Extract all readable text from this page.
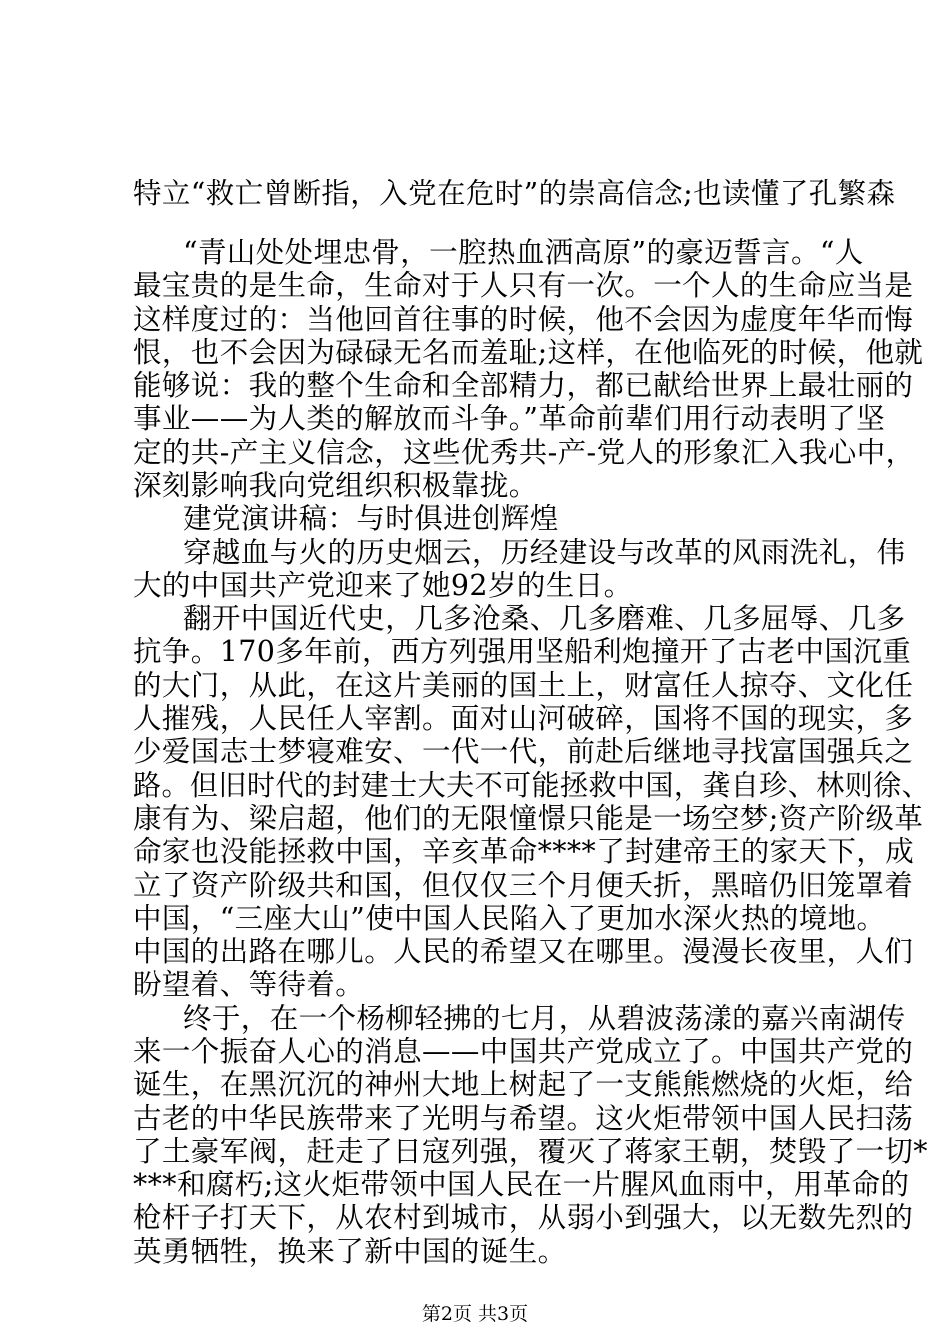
特立“救亡曾断指，入党在危时”的崇高信念;也读懂了孔繁森
“青山处处埋忠骨，一腔热血洒高原”的豪迈誓言。“人
最宝贵的是生命，生命对于人只有一次。一个人的生命应当是
这样度过的：当他回首往事的时候，他不会因为虚度年华而悔
恨，也不会因为碌碌无名而羞耻;这样，在他临死的时候，他就
能够说：我的整个生命和全部精力，都已献给世界上最壮丽的
事业——为人类的解放而斗争。”革命前辈们用行动表明了坚
定的共-产主义信念，这些优秀共-产-党人的形象汇入我心中，
深刻影响我向党组织积极靠拢。
建党演讲稿：与时俱进创辉煌
穿越血与火的历史烟云，历经建设与改革的风雨洗礼，伟
大的中国共产党迎来了她92岁的生日。
翻开中国近代史，几多沧桑、几多磨难、几多屈辱、几多
抗争。170多年前，西方列强用坚船利炮撞开了古老中国沉重
的大门，从此，在这片美丽的国土上，财富任人掠夺、文化任
人摧残，人民任人宰割。面对山河破碎，国将不国的现实，多
少爱国志士梦寝难安、一代一代，前赴后继地寻找富国强兵之
路。但旧时代的封建士大夫不可能拯救中国，龚自珍、林则徐、
康有为、梁启超，他们的无限憧憬只能是一场空梦;资产阶级革
命家也没能拯救中国，辛亥革命****了封建帝王的家天下，成
立了资产阶级共和国，但仅仅三个月便夭折，黑暗仍旧笼罩着
中国，“三座大山”使中国人民陷入了更加水深火热的境地。
中国的出路在哪儿。人民的希望又在哪里。漫漫长夜里，人们
盼望着、等待着。
终于，在一个杨柳轻拂的七月，从碧波荡漾的嘉兴南湖传
来一个振奋人心的消息——中国共产党成立了。中国共产党的
诞生，在黑沉沉的神州大地上树起了一支熊熊燃烧的火炬，给
古老的中华民族带来了光明与希望。这火炬带领中国人民扫荡
了土豪军阀，赶走了日寇列强，覆灭了蒋家王朝，焚毁了一切*
***和腐朽;这火炬带领中国人民在一片腥风血雨中，用革命的
枪杆子打天下，从农村到城市，从弱小到强大，以无数先烈的
英勇牺牲，换来了新中国的诞生。
第2页 共3页
